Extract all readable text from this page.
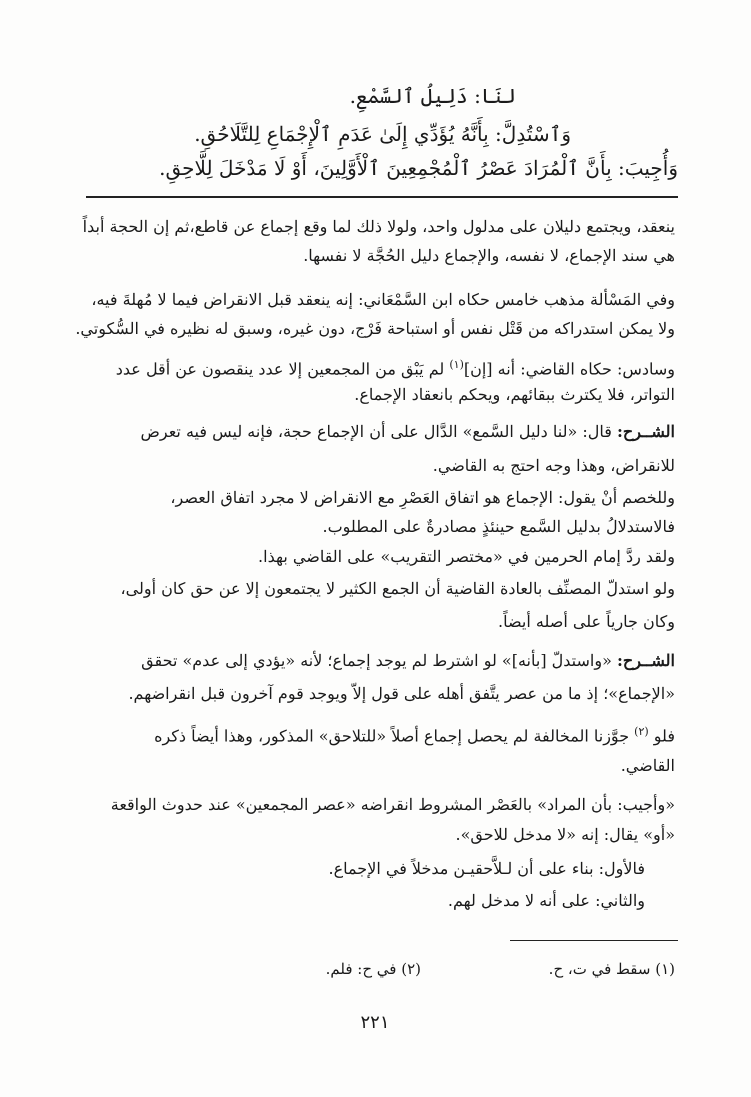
لنَا: دَلِيلُ ٱلسَّمْعِ.
وَٱسْتُدِلَّ: بِأَنَّهُ يُؤَدِّي إِلَىٰ عَدَمِ ٱلْإِجْمَاعِ لِلتَّلَاحُقِ.
وَأُجِيبَ: بِأَنَّ ٱلْمُرَادَ عَصْرُ ٱلْمُجْمِعِينَ ٱلْأَوَّلِينَ، أَوْ لَا مَدْخَلَ لِلَّاحِقِ.
ينعقد، ويجتمع دليلان على مدلول واحد، ولولا ذلك لما وقع إجماع عن قاطع،ثم إن الحجة أبداً
هي سند الإجماع، لا نفسه، والإجماع دليل الحُجَّة لا نفسها.
وفي المَسْألة مذهب خامس حكاه ابن السَّمْعَاني: إنه ينعقد قبل الانقراض فيما لا مُهلةَ فيه،
ولا يمكن استدراكه من قَتْل نفس أو استباحة فَرْج، دون غيره، وسبق له نظيره في السُّكوتي.
وسادس: حكاه القاضي: أنه [إن]$^{(١)}$ لم يَبْق من المجمعين إلا عدد ينقصون عن أقل عدد
التواتر، فلا يكترث ببقائهم، ويحكم بانعقاد الإجماع.
الشــرح: قال: «لنا دليل السَّمع» الدَّال على أن الإجماع حجة، فإنه ليس فيه تعرض
للانقراض، وهذا وجه احتج به القاضي.
وللخصم أنْ يقول: الإجماع هو اتفاق العَصْرِ مع الانقراض لا مجرد اتفاق العصر،
فالاستدلالُ بدليل السَّمع حينئذٍ مصادرةٌ على المطلوب.
ولقد ردَّ إمام الحرمين في «مختصر التقريب» على القاضي بهذا.
ولو استدلّ المصنِّف بالعادة القاضية أن الجمع الكثير لا يجتمعون إلا عن حق كان أولى،
وكان جارياً على أصله أيضاً.
الشــرح: «واستدلّ [بأنه]» لو اشترط لم يوجد إجماع؛ لأنه «يؤدي إلى عدم» تحقق
«الإجماع»؛ إذ ما من عصر يتَّفق أهله على قول إلاّ ويوجد قوم آخرون قبل انقراضهم.
فلو $^{(٢)}$ جوَّزنا المخالفة لم يحصل إجماع أصلاً «للتلاحق» المذكور، وهذا أيضاً ذكره
القاضي.
«وأجيب: بأن المراد» بالعَصْر المشروط انقراضه «عصر المجمعين» عند حدوث الواقعة
«أو» يقال: إنه «لا مدخل للاحق».
فالأول: بناء على أن لـلاَّحقيـن مدخلاً في الإجماع.
والثاني: على أنه لا مدخل لهم.
(١) سقط في ت، ح.
(٢) في ح: فلم.
٢٢١
